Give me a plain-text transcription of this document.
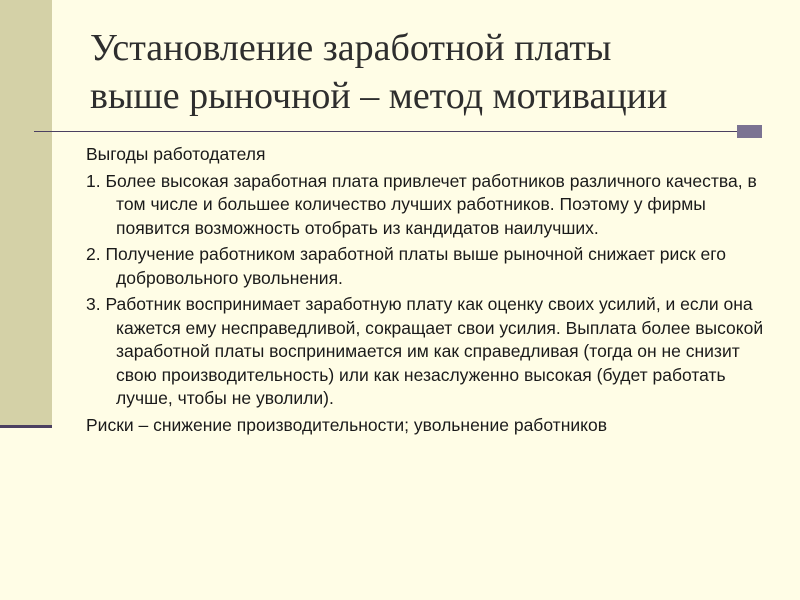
Установление заработной платы
выше рыночной – метод мотивации

Выгоды работодателя

1. Более высокая заработная плата привлечет работников различного качества, в том числе и большее количество лучших работников. Поэтому у фирмы появится возможность отобрать из кандидатов наилучших.

2. Получение работником заработной платы выше рыночной снижает риск его добровольного увольнения.

3. Работник воспринимает заработную плату как оценку своих усилий, и если она кажется ему несправедливой, сокращает свои усилия. Выплата более высокой заработной платы воспринимается им как справедливая (тогда он не снизит свою производительность) или как незаслуженно высокая (будет работать лучше, чтобы не уволили).

Риски – снижение производительности; увольнение работников
